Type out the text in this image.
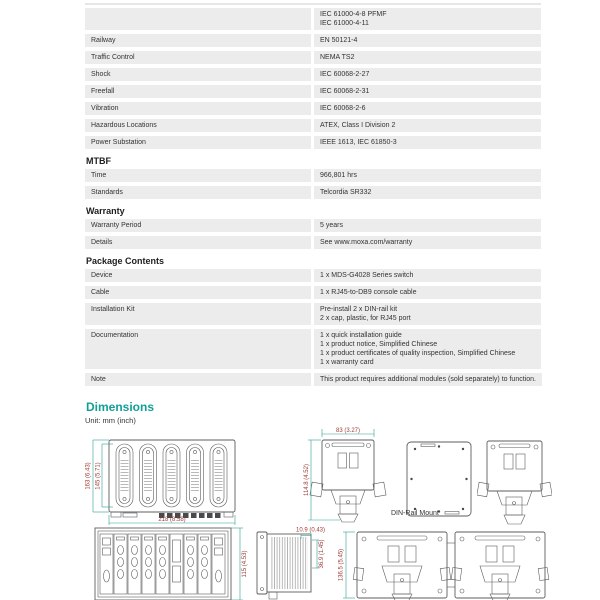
IEC 61000-4-8 PFMF
IEC 61000-4-11
Railway	EN 50121-4
Traffic Control	NEMA TS2
Shock	IEC 60068-2-27
Freefall	IEC 60068-2-31
Vibration	IEC 60068-2-6
Hazardous Locations	ATEX, Class I Division 2
Power Substation	IEEE 1613, IEC 61850-3
MTBF
Time	966,801 hrs
Standards	Telcordia SR332
Warranty
Warranty Period	5 years
Details	See www.moxa.com/warranty
Package Contents
Device	1 x MDS-G4028 Series switch
Cable	1 x RJ45-to-DB9 console cable
Installation Kit	Pre-install 2 x DIN-rail kit
2 x cap, plastic, for RJ45 port
Documentation	1 x quick installation guide
1 x product notice, Simplified Chinese
1 x product certificates of quality inspection, Simplified Chinese
1 x warranty card
Note	This product requires additional modules (sold separately) to function.
Dimensions
Unit: mm (inch)
163 (6.43) 145 (5.71)
218 (8.58)
83 (3.27)
114.8 (4.52)
DIN-Rail Mount
115 (4.53)
10.9 (0.43)
36.9 (1.45) 136.5 (5.45)
